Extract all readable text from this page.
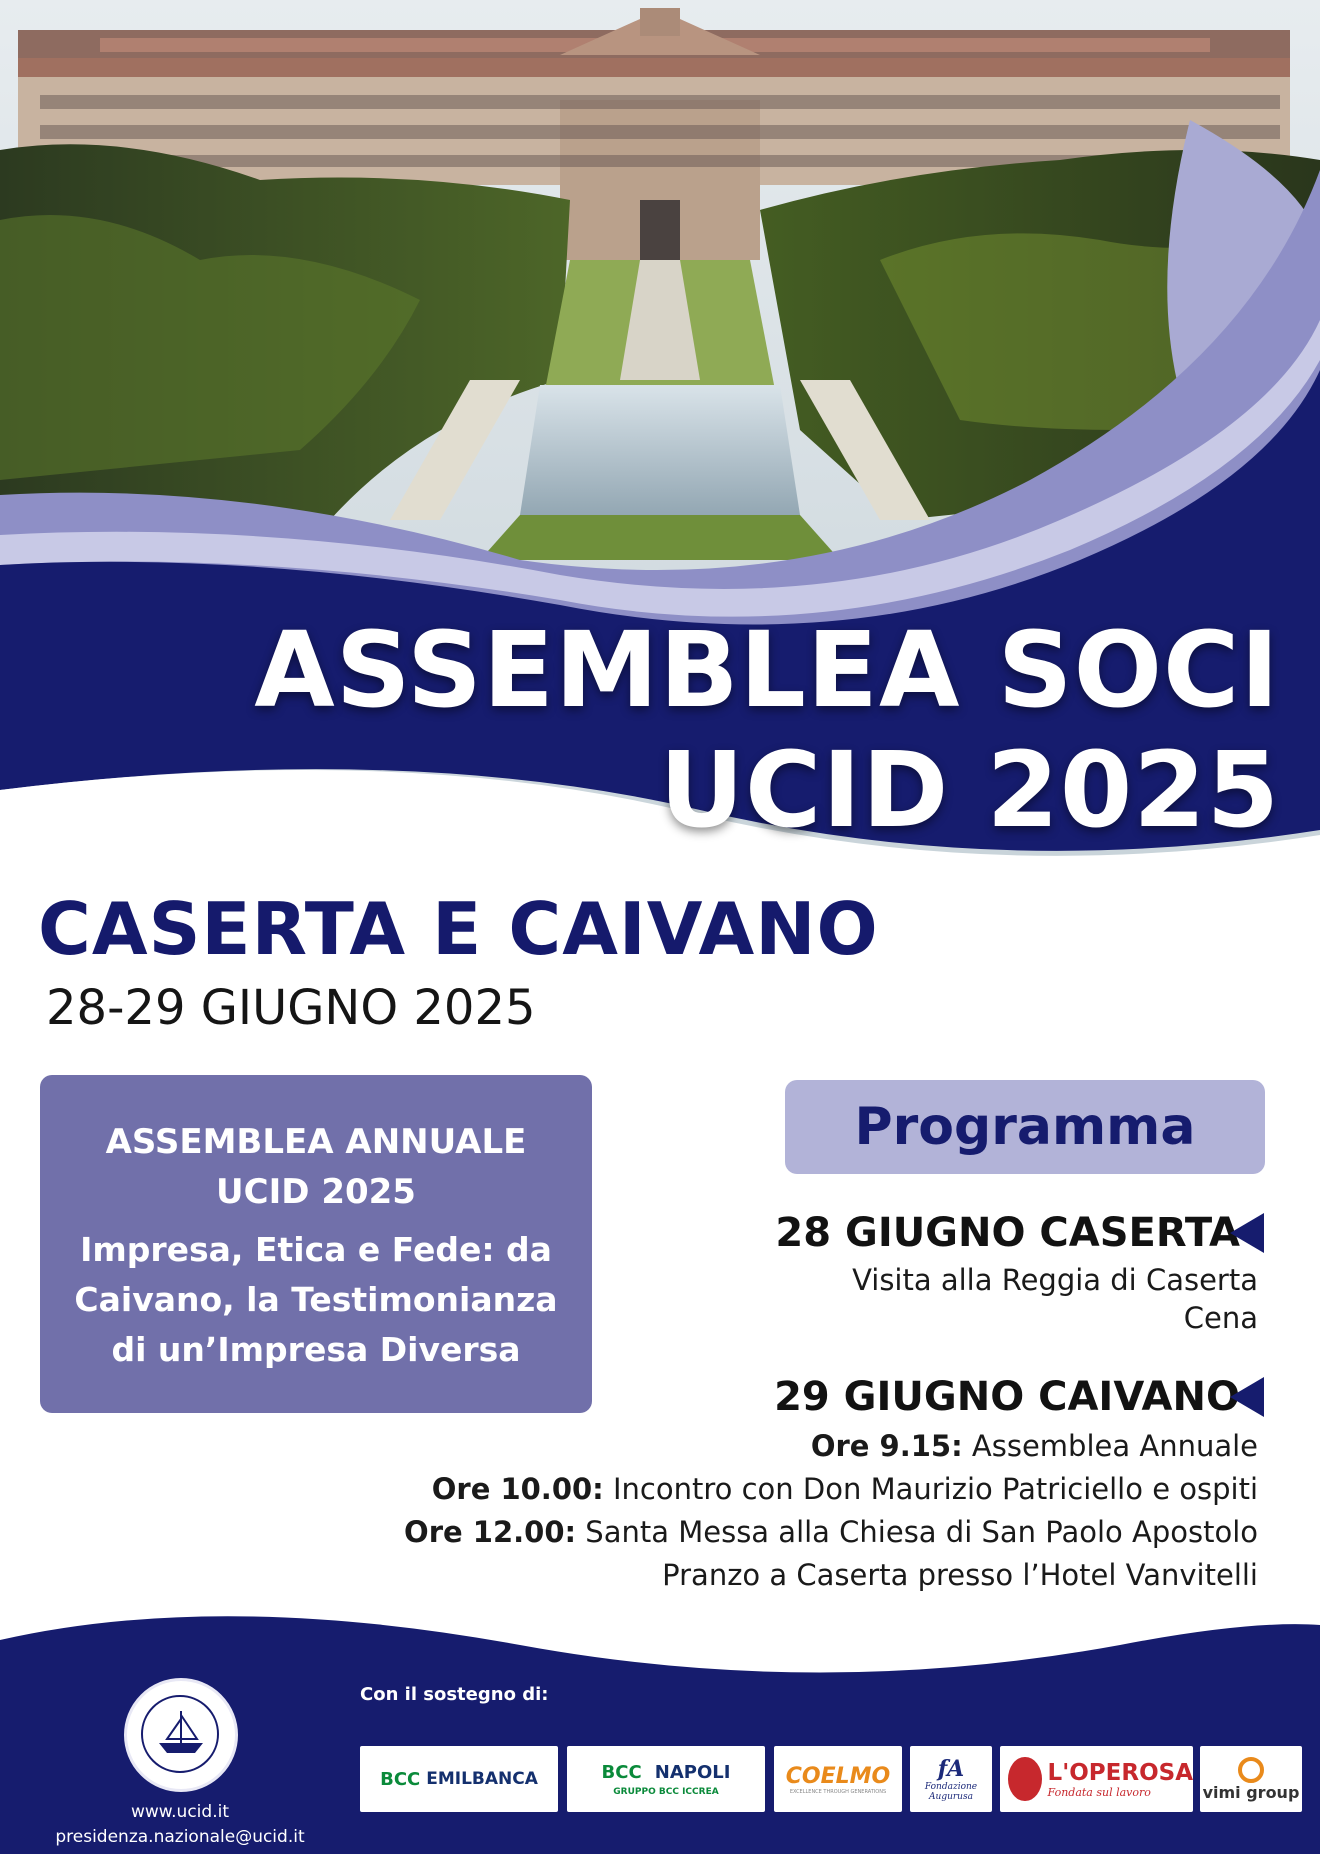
ASSEMBLEA SOCI
UCID 2025
CASERTA E CAIVANO
28-29 GIUGNO 2025
ASSEMBLEA ANNUALE
UCID 2025
Impresa, Etica e Fede: da
Caivano, la Testimonianza
di un’Impresa Diversa
Programma
28 GIUGNO CASERTA
Visita alla Reggia di Caserta
Cena
29 GIUGNO CAIVANO
Ore 9.15: Assemblea Annuale
Ore 10.00: Incontro con Don Maurizio Patriciello e ospiti
Ore 12.00: Santa Messa alla Chiesa di San Paolo Apostolo
Pranzo a Caserta presso l’Hotel Vanvitelli
www.ucid.it
presidenza.nazionale@ucid.it
Con il sostegno di:
BCC EMILBANCA	BCC NAPOLI
GRUPPO BCC ICCREA
COELMO
EXCELLENCE THROUGH GENERATIONS
fA
Fondazione
Augurusa
L'OPEROSA
Fondata sul lavoro	vimi group
